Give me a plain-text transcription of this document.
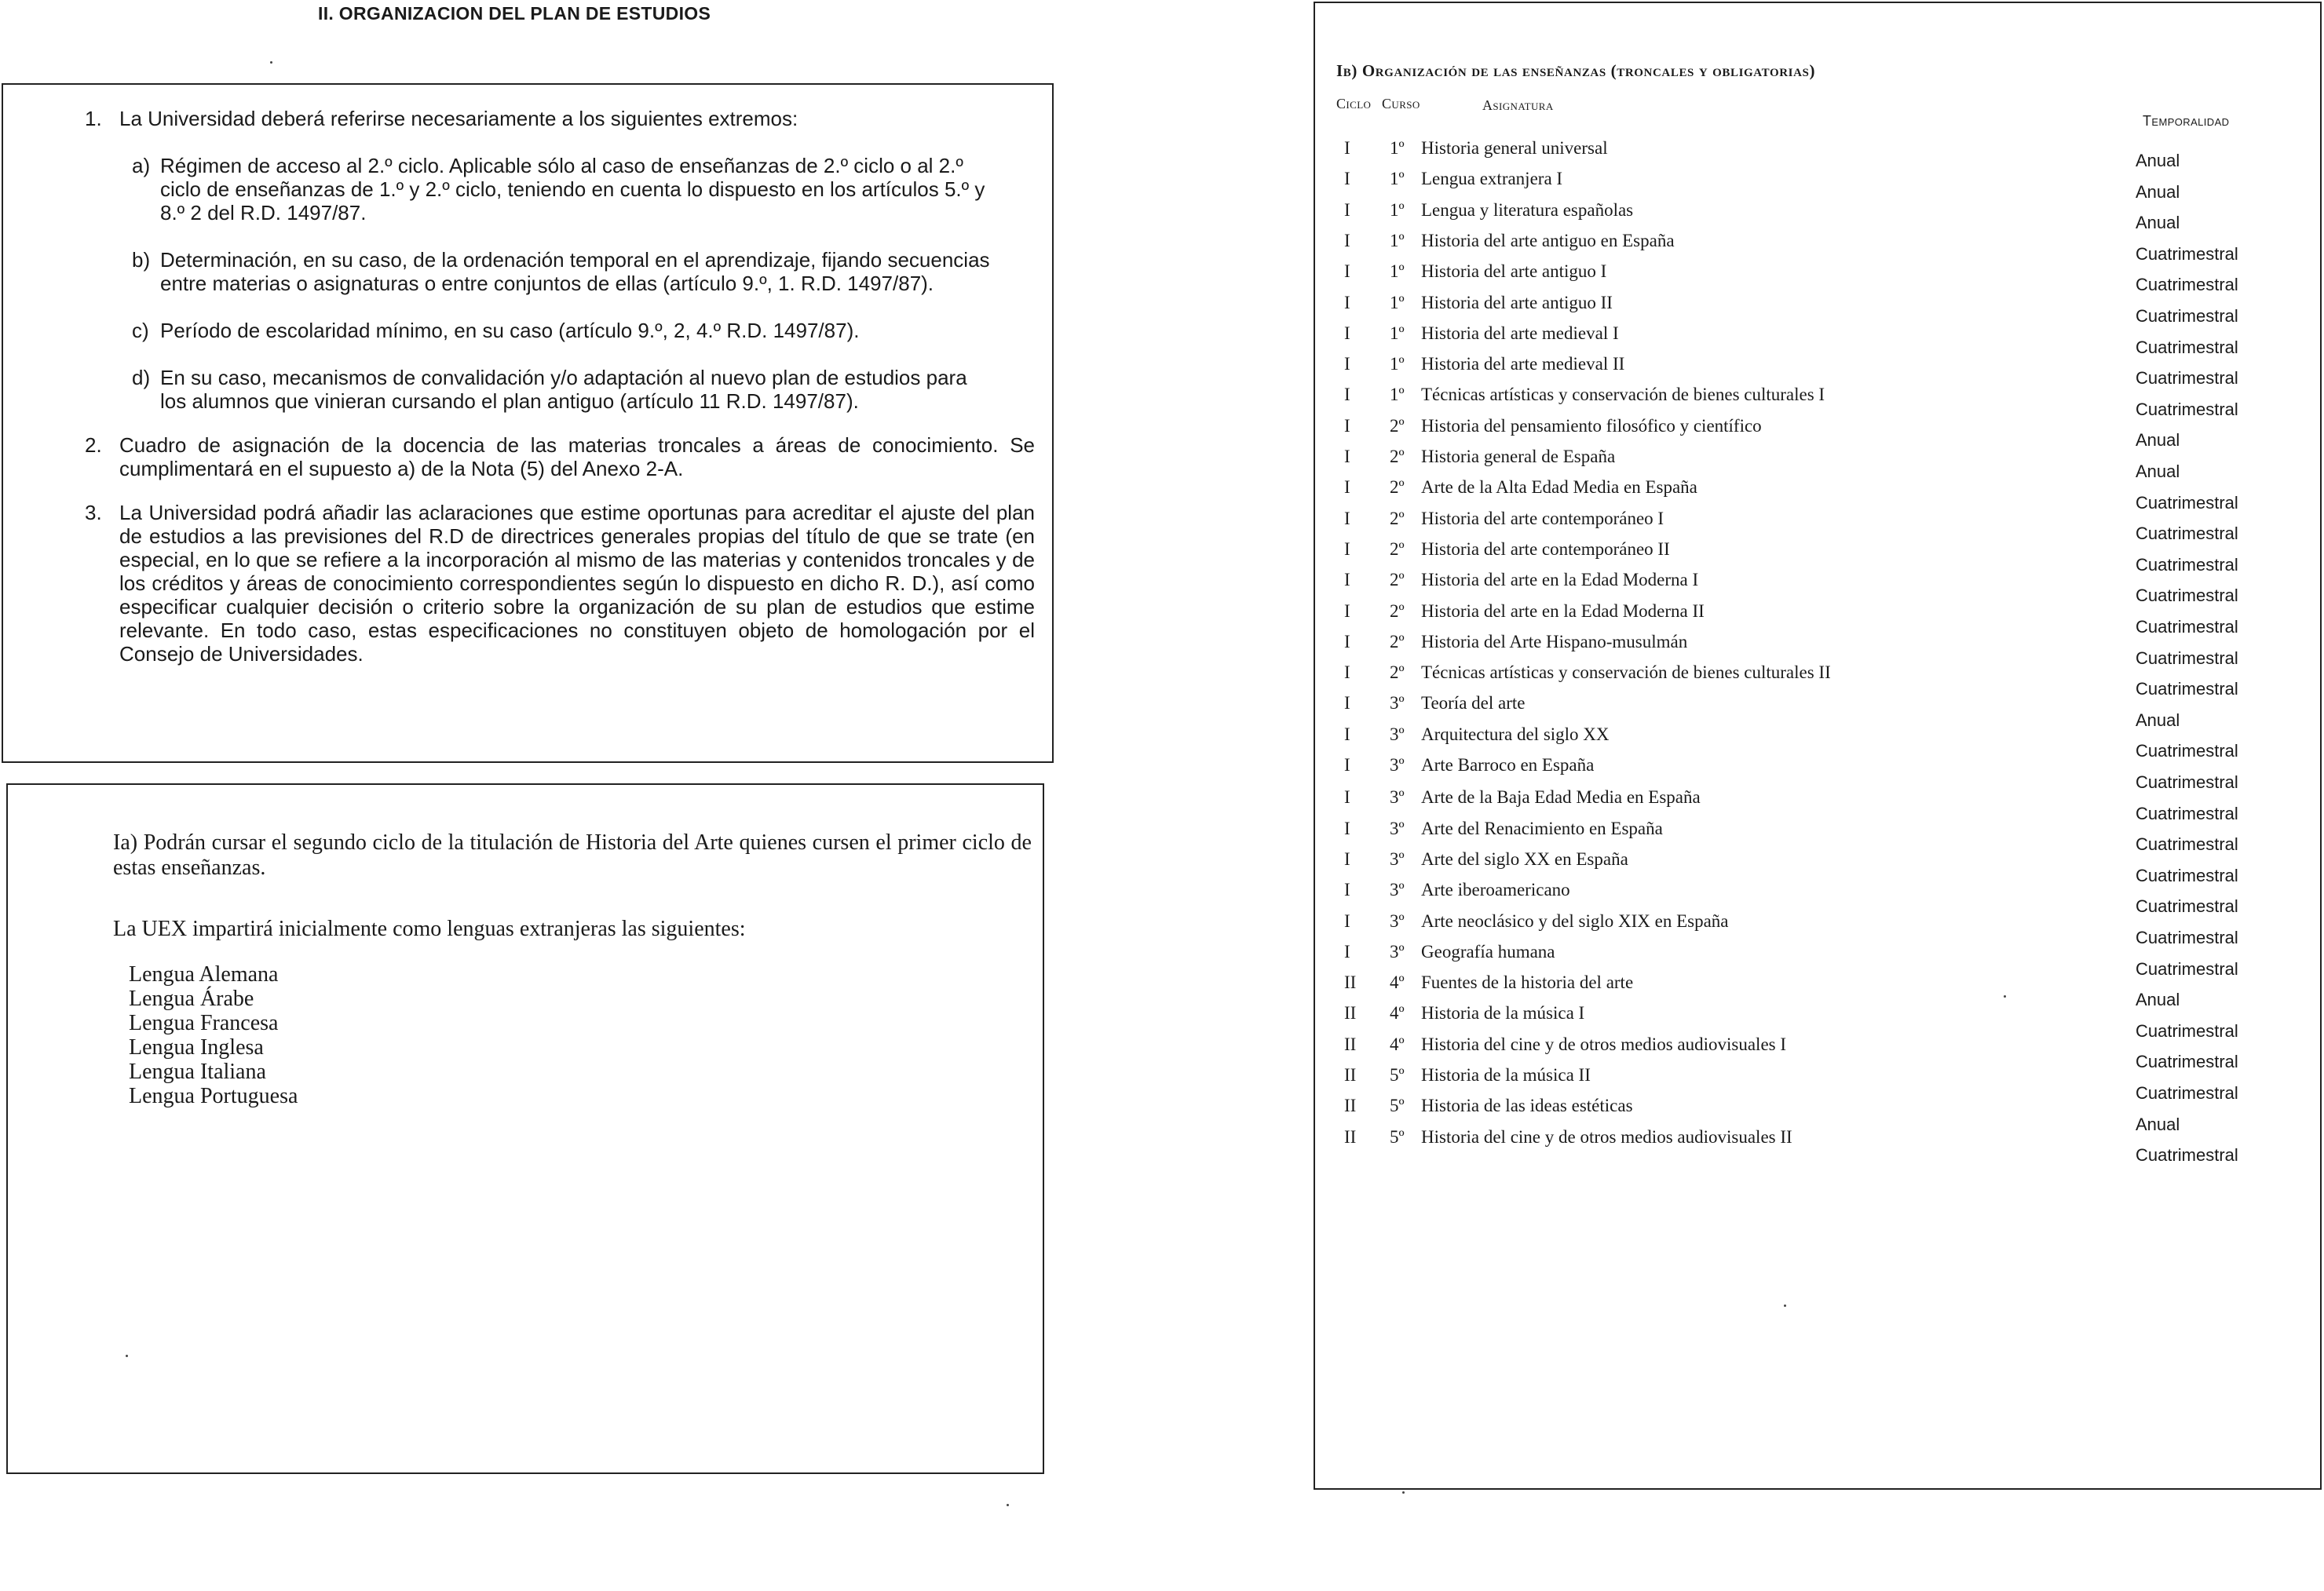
II. ORGANIZACION DEL PLAN DE ESTUDIOS
1. La Universidad deberá referirse necesariamente a los siguientes extremos:

a) Régimen de acceso al 2.º ciclo. Aplicable sólo al caso de enseñanzas de 2.º ciclo o al 2.º ciclo de enseñanzas de 1.º y 2.º ciclo, teniendo en cuenta lo dispuesto en los artículos 5.º y 8.º 2 del R.D. 1497/87.

b) Determinación, en su caso, de la ordenación temporal en el aprendizaje, fijando secuencias entre materias o asignaturas o entre conjuntos de ellas (artículo 9.º, 1. R.D. 1497/87).

c) Período de escolaridad mínimo, en su caso (artículo 9.º, 2, 4.º R.D. 1497/87).

d) En su caso, mecanismos de convalidación y/o adaptación al nuevo plan de estudios para los alumnos que vinieran cursando el plan antiguo (artículo 11 R.D. 1497/87).

2. Cuadro de asignación de la docencia de las materias troncales a áreas de conocimiento. Se cumplimentará en el supuesto a) de la Nota (5) del Anexo 2-A.

3. La Universidad podrá añadir las aclaraciones que estime oportunas para acreditar el ajuste del plan de estudios a las previsiones del R.D de directrices generales propias del título de que se trate (en especial, en lo que se refiere a la incorporación al mismo de las materias y contenidos troncales y de los créditos y áreas de conocimiento correspondientes según lo dispuesto en dicho R. D.), así como especificar cualquier decisión o criterio sobre la organización de su plan de estudios que estime relevante. En todo caso, estas especificaciones no constituyen objeto de homologación por el Consejo de Universidades.

Ia) Podrán cursar el segundo ciclo de la titulación de Historia del Arte quienes cursen el primer ciclo de estas enseñanzas.

La UEX impartirá inicialmente como lenguas extranjeras las siguientes:

Lengua Alemana
Lengua Árabe
Lengua Francesa
Lengua Inglesa
Lengua Italiana
Lengua Portuguesa
Ib) Organización de las enseñanzas (troncales y obligatorias)
Ciclo Curso	Asignatura
Temporalidad
I 1º Historia general universal
Anual
I 1º Lengua extranjera I
Anual
I 1º Lengua y literatura españolas
Anual
I 1º Historia del arte antiguo en España
Cuatrimestral
I 1º Historia del arte antiguo I
Cuatrimestral
I 1º Historia del arte antiguo II
Cuatrimestral
I 1º Historia del arte medieval I
Cuatrimestral
I 1º Historia del arte medieval II
Cuatrimestral
I 1º Técnicas artísticas y conservación de bienes culturales I
Cuatrimestral
I 2º Historia del pensamiento filosófico y científico
Anual
I 2º Historia general de España
Anual
I 2º Arte de la Alta Edad Media en España
Cuatrimestral
I 2º Historia del arte contemporáneo I
Cuatrimestral
I 2º Historia del arte contemporáneo II
Cuatrimestral
I 2º Historia del arte en la Edad Moderna I
Cuatrimestral
I 2º Historia del arte en la Edad Moderna II
Cuatrimestral
I 2º Historia del Arte Hispano-musulmán
Cuatrimestral
I 2º Técnicas artísticas y conservación de bienes culturales II
Cuatrimestral
I 3º Teoría del arte
Anual
I 3º Arquitectura del siglo XX
Cuatrimestral
I 3º Arte Barroco en España
Cuatrimestral
I 3º Arte de la Baja Edad Media en España
Cuatrimestral
I 3º Arte del Renacimiento en España
Cuatrimestral
I 3º Arte del siglo XX en España
Cuatrimestral
I 3º Arte iberoamericano
Cuatrimestral
I 3º Arte neoclásico y del siglo XIX en España
Cuatrimestral
I 3º Geografía humana
Cuatrimestral
II 4º Fuentes de la historia del arte
Anual
II 4º Historia de la música I
Cuatrimestral
II 4º Historia del cine y de otros medios audiovisuales I
Cuatrimestral
II 5º Historia de la música II
Cuatrimestral
II 5º Historia de las ideas estéticas
Anual
II 5º Historia del cine y de otros medios audiovisuales II
Cuatrimestral
